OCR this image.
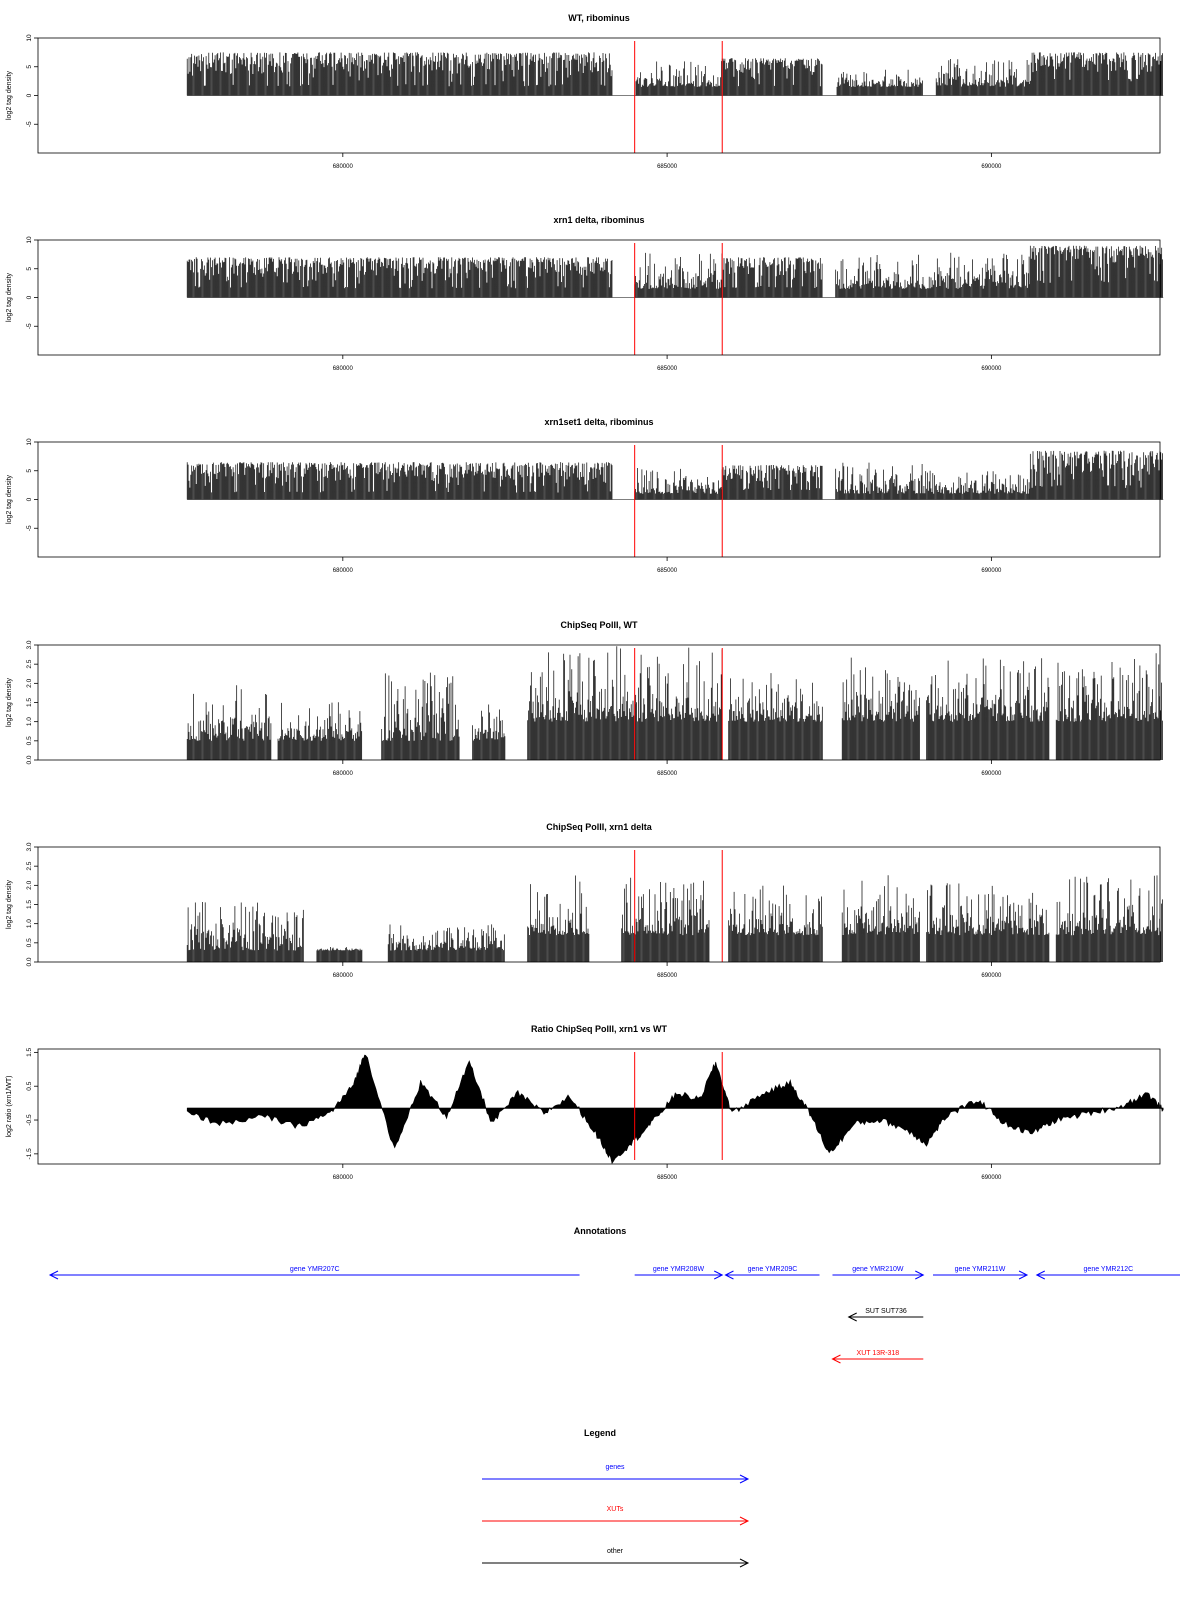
WT, ribominus
log2 tag density
-5
0
5
10
680000	685000	690000
xrn1 delta, ribominus
log2 tag density
-5
0
5
10
680000	685000	690000
xrn1set1 delta, ribominus
log2 tag density
-5
0
5
10
680000	685000	690000
ChipSeq PolII, WT
log2 tag density
0.0
0.5
1.0
1.5
2.0
2.5
3.0
680000	685000	690000
ChipSeq PolII, xrn1 delta
log2 tag density
0.0
0.5
1.0
1.5
2.0
2.5
3.0
680000	685000	690000
Ratio ChipSeq PolII, xrn1 vs WT
log2 ratio (xrn1/WT)
-1.5
-0.5
0.5
1.5
680000	685000	690000
Annotations
gene YMR207C	gene YMR208W	gene YMR209C	gene YMR210W	gene YMR211W	gene YMR212C
SUT SUT736
XUT 13R-318
Legend
genes
XUTs
other
